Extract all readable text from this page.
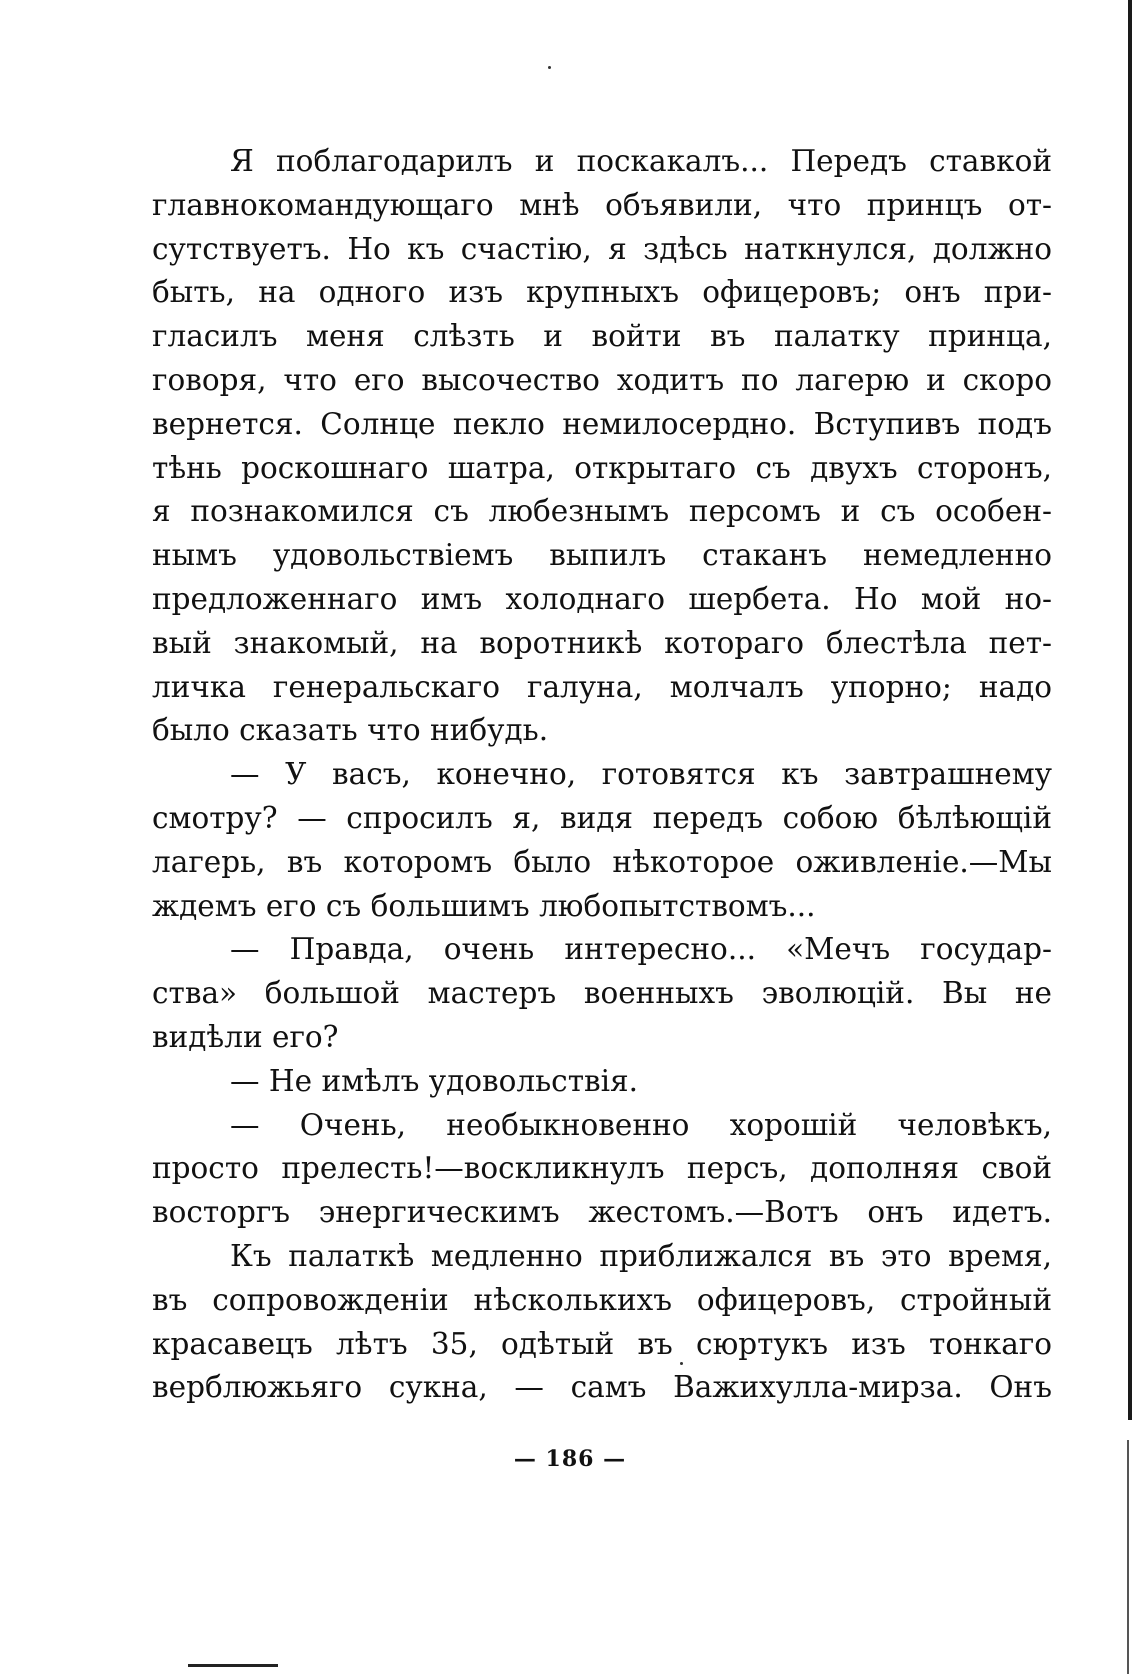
Я поблагодарилъ и поскакалъ... Передъ ставкой
главнокомандующаго мнѣ объявили, что принцъ от-
сутствуетъ. Но къ счастію, я здѣсь наткнулся, должно
быть, на одного изъ крупныхъ офицеровъ; онъ при-
гласилъ меня слѣзть и войти въ палатку принца,
говоря, что его высочество ходитъ по лагерю и скоро
вернется. Солнце пекло немилосердно. Вступивъ подъ
тѣнь роскошнаго шатра, открытаго съ двухъ сторонъ,
я познакомился съ любезнымъ персомъ и съ особен-
нымъ удовольствіемъ выпилъ стаканъ немедленно
предложеннаго имъ холоднаго шербета. Но мой но-
вый знакомый, на воротникѣ котораго блестѣла пет-
личка генеральскаго галуна, молчалъ упорно; надо
было сказать что нибудь.
— У васъ, конечно, готовятся къ завтрашнему
смотру? — спросилъ я, видя передъ собою бѣлѣющій
лагерь, въ которомъ было нѣкоторое оживленіе.—Мы
ждемъ его съ большимъ любопытствомъ...
— Правда, очень интересно... «Мечъ государ-
ства» большой мастеръ военныхъ эволюцій. Вы не
видѣли его?
— Не имѣлъ удовольствія.
— Очень, необыкновенно хорошій человѣкъ,
просто прелесть!—воскликнулъ персъ, дополняя свой
восторгъ энергическимъ жестомъ.—Вотъ онъ идетъ.
Къ палаткѣ медленно приближался въ это время,
въ сопровожденіи нѣсколькихъ офицеровъ, стройный
красавецъ лѣтъ 35, одѣтый въ сюртукъ изъ тонкаго
верблюжьяго сукна, — самъ Важихулла-мирза. Онъ
— 186 —
